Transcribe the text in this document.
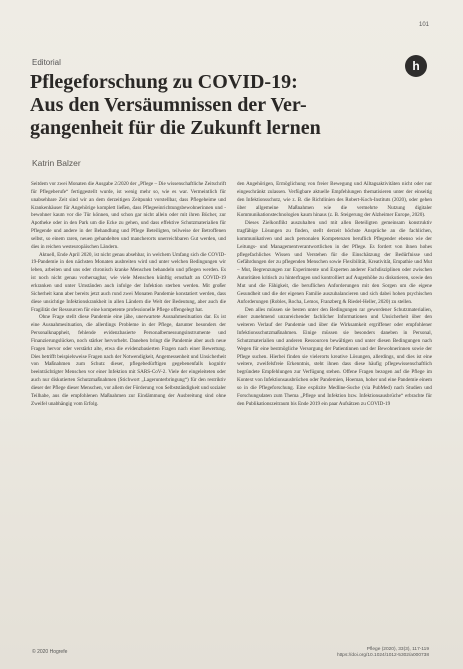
101
h
Editorial
Pflegeforschung zu COVID-19:
Aus den Versäumnissen der Ver-
gangenheit für die Zukunft lernen
Katrin Balzer

Seitdem vor zwei Monaten die Ausgabe 2/2020 der „Pflege – Die wissenschaftliche Zeitschrift für Pflegeberufe“ fertiggestellt wurde, ist wenig mehr so, wie es war. Vermeintlich für unabsehbare Zeit sind wir an dem derzeitigen Zeitpunkt vorstellbar, dass Pflegeheime und Krankenhäuser für Angehörige komplett ließen, dass Pflegeeinrichtungsbewohnerinnen und -bewohner kaum vor die Tür können, und schon gar nicht allein oder mit ihren Bücher, zur Apotheke oder in den Park um die Ecke zu gehen, und dass effektive Schutzmaterialien für Pflegende und andere in der Behandlung und Pflege Beteiligten, teilweise der Betroffenen selbst, so einem raren, neuen gehandelten und mancherorts unerreichbaren Gut werden, und dies in reichen westeuropäischen Ländern.

Aktuell, Ende April 2020, ist nicht genau absehbar, in welchem Umfang sich die COVID-19-Pandemie in den nächsten Monaten ausbreiten wird und unter welchen Bedingungen wir leben, arbeiten und uns oder chronisch kranke Menschen behandeln und pflegen werden. Es ist noch nicht genau vorhersagbar, wie viele Menschen künftig ernsthaft an COVID-19 erkranken und unter Umständen auch infolge der Infektion sterben werden. Mit großer Sicherheit kann aber bereits jetzt auch rund zwei Monaten Pandemie konstatiert werden, dass diese unsichtige Infektionskrankheit in allen Ländern die Welt der Bedeutung, aber auch die Fragilität der Ressourcen für eine kompetente professionelle Pflege offengelegt hat.

Ohne Frage stellt diese Pandemie eine jähe, unerwartete Ausnahmesituation dar. Es ist eine Ausnahmesituation, die allerdings Probleme in der Pflege, darunter besonders der Personalknappheit, fehlende evidenzbasierte Personalbemessungsinstrumente und Finanzierungslücken, noch stärker hervorhebt. Daneben bringt die Pandemie aber auch neue Fragen hervor oder verstärkt alte, etwa die evidenzbasierten Fragen nach einer Bewertung. Dies betrifft beispielsweise Fragen nach der Notwendigkeit, Angemessenheit und Unsicherheit von Maßnahmen zum Schutz dieser, pflegebedürftigen gegebenenfalls kognitiv beeinträchtigter Menschen vor einer Infektion mit SARS-CoV-2. Viele der eingeleiteten oder auch nur diskutierten Schutzmaßnahmen (Stichwort „Lagerunterbringung“) für den restriktiv dieser der Pflege dieser Menschen, vor allem der Förderung von Selbstständigkeit und sozialer Teilhabe, aus die empfohlenen Maßnahmen zur Eindämmung der Ausbreitung sind ohne Zweifel unabhängig vom Erfolg.

den Angehörigen, Ermöglichung von freier Bewegung und Alltagsaktivitäten nicht oder nur eingeschränkt zulassen. Verfügbare aktuelle Empfehlungen thematisieren unter der einseitig den Infektionsschutz, wie z. B. die Richtlinien des Robert-Koch-Instituts (2020), oder gehen über allgemeine Maßnahmen wie die vermehrte Nutzung digitaler Kommunikationstechnologien kaum hinaus (z. B. Steigerung der Alzheimer Europe, 2020).

Dieses Zielkonflikt auszuhalten und mit allen Beteiligten gemeinsam konstruktiv tragfähige Lösungen zu finden, stellt derzeit höchste Ansprüche an die fachlichen, kommunikativen und auch personalen Kompetenzen beruflich Pflegender ebenso wie der Leitungs- und Managementverantwortlichen in der Pflege. Es fordert von ihnen hohes pflegefachliches Wissen und Verstehen für die Einschätzung der Bedürfnisse und Gefährdungen der zu pflegenden Menschen sowie Flexibilität, Kreativität, Empathie und Mut – Mut, Begrenzungen zur Experimente und Experten anderer Fachdisziplinen oder zwischen Autoritäten kritisch zu hinterfragen und kontrolliert auf Augenhöhe zu diskutieren, sowie den Mut und die Fähigkeit, die beruflichen Anforderungen mit den Sorgen um die eigene Gesundheit und die der eigenen Familie auszubalancieren und sich dabei hohen psychischen Anforderungen (Robles, Rocha, Lemos, Franzberg & Riedel-Heller, 2020) zu stellen.

Den alles müssen sie besten unter den Bedingungen rar gewordener Schutzmaterialien, einer zunehmend unzureichender fachlicher Informationen und Unsicherheit über den weiteren Verlauf der Pandemie und über die Wirksamkeit ergriffener oder empfohlener Infektionsschutzmaßnahmen. Einige müssen sie besonders daneben in Personal, Schutzmaterialien und anderen Ressourcen bewältigen und unter diesen Bedingungen nach Wegen für eine bestmögliche Versorgung der Patientinnen und der Bewohnerinnen sowie der Pflege suchen. Hierbei finden sie vielerorts kreative Lösungen, allerdings, und dies ist eine weitere, zweifelsfreie Erkenntnis, steht ihnen dass diese häufig pflegewissenschaftlich begründete Empfehlungen zur Verfügung stehen. Offene Fragen bezogen auf die Pflege im Kontext von Infektionsausbrüchen oder Pandemien, Hoeman, hoher und eine Pandemie einem so in die Pflegeforschung. Eine explizite Medline-Suche (via PubMed) nach Studien und Forschungsdaten zum Thema „Pflege und Infektion bzw. Infektionsausbrüche“ erbrachte für den Publikationszeitraum bis Ende 2019 ein paar Aufsätzen zu COVID-19

© 2020 Hogrefe	Pflege (2020), 33(3), 117-119
https://doi.org/10.1024/1012-5302/a000738
